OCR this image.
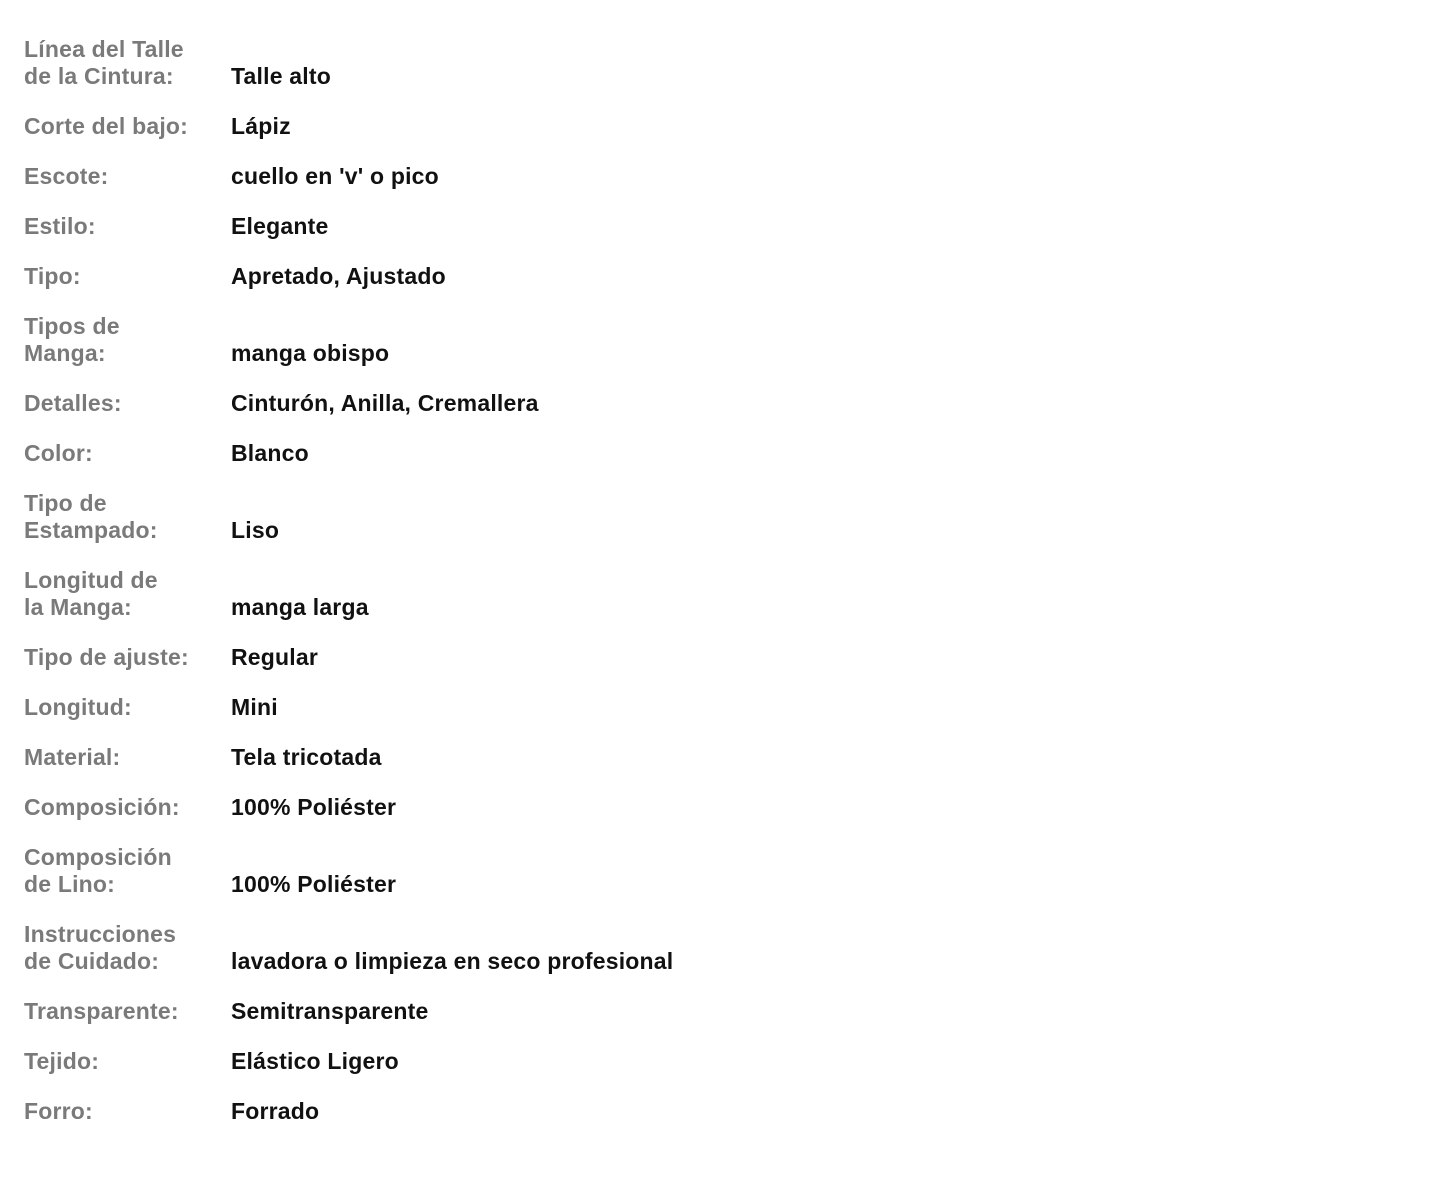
Línea del Talle
de la Cintura:	Talle alto
Corte del bajo:	Lápiz
Escote:	cuello en 'v' o pico
Estilo:	Elegante
Tipo:	Apretado, Ajustado
Tipos de
Manga:	manga obispo
Detalles:	Cinturón, Anilla, Cremallera
Color:	Blanco
Tipo de
Estampado:	Liso
Longitud de
la Manga:	manga larga
Tipo de ajuste:	Regular
Longitud:	Mini
Material:	Tela tricotada
Composición:	100% Poliéster
Composición
de Lino:	100% Poliéster
Instrucciones
de Cuidado:	lavadora o limpieza en seco profesional
Transparente:	Semitransparente
Tejido:	Elástico Ligero
Forro:	Forrado
